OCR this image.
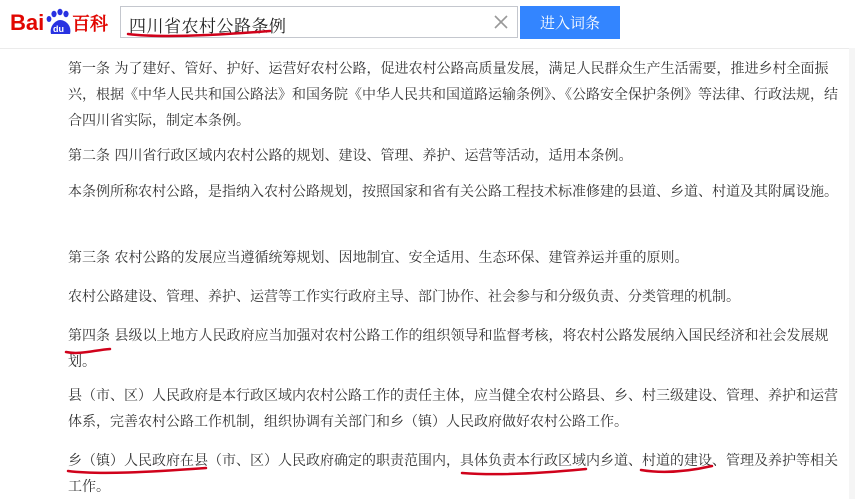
Bai du 百科 四川省农村公路条例	进入词条
第一条 为了建好、管好、护好、运营好农村公路，促进农村公路高质量发展，满足人民群众生产生活需要，推进乡村全面振兴，根据《中华人民共和国公路法》和国务院《中华人民共和国道路运输条例》、《公路安全保护条例》等法律、行政法规，结合四川省实际，制定本条例。
第二条 四川省行政区域内农村公路的规划、建设、管理、养护、运营等活动，适用本条例。
本条例所称农村公路，是指纳入农村公路规划，按照国家和省有关公路工程技术标准修建的县道、乡道、村道及其附属设施。
第三条 农村公路的发展应当遵循统筹规划、因地制宜、安全适用、生态环保、建管养运并重的原则。
农村公路建设、管理、养护、运营等工作实行政府主导、部门协作、社会参与和分级负责、分类管理的机制。
第四条 县级以上地方人民政府应当加强对农村公路工作的组织领导和监督考核，将农村公路发展纳入国民经济和社会发展规划。
县（市、区）人民政府是本行政区域内农村公路工作的责任主体，应当健全农村公路县、乡、村三级建设、管理、养护和运营体系，完善农村公路工作机制，组织协调有关部门和乡（镇）人民政府做好农村公路工作。
乡（镇）人民政府在县（市、区）人民政府确定的职责范围内，具体负责本行政区域内乡道、村道的建设、管理及养护等相关工作。
